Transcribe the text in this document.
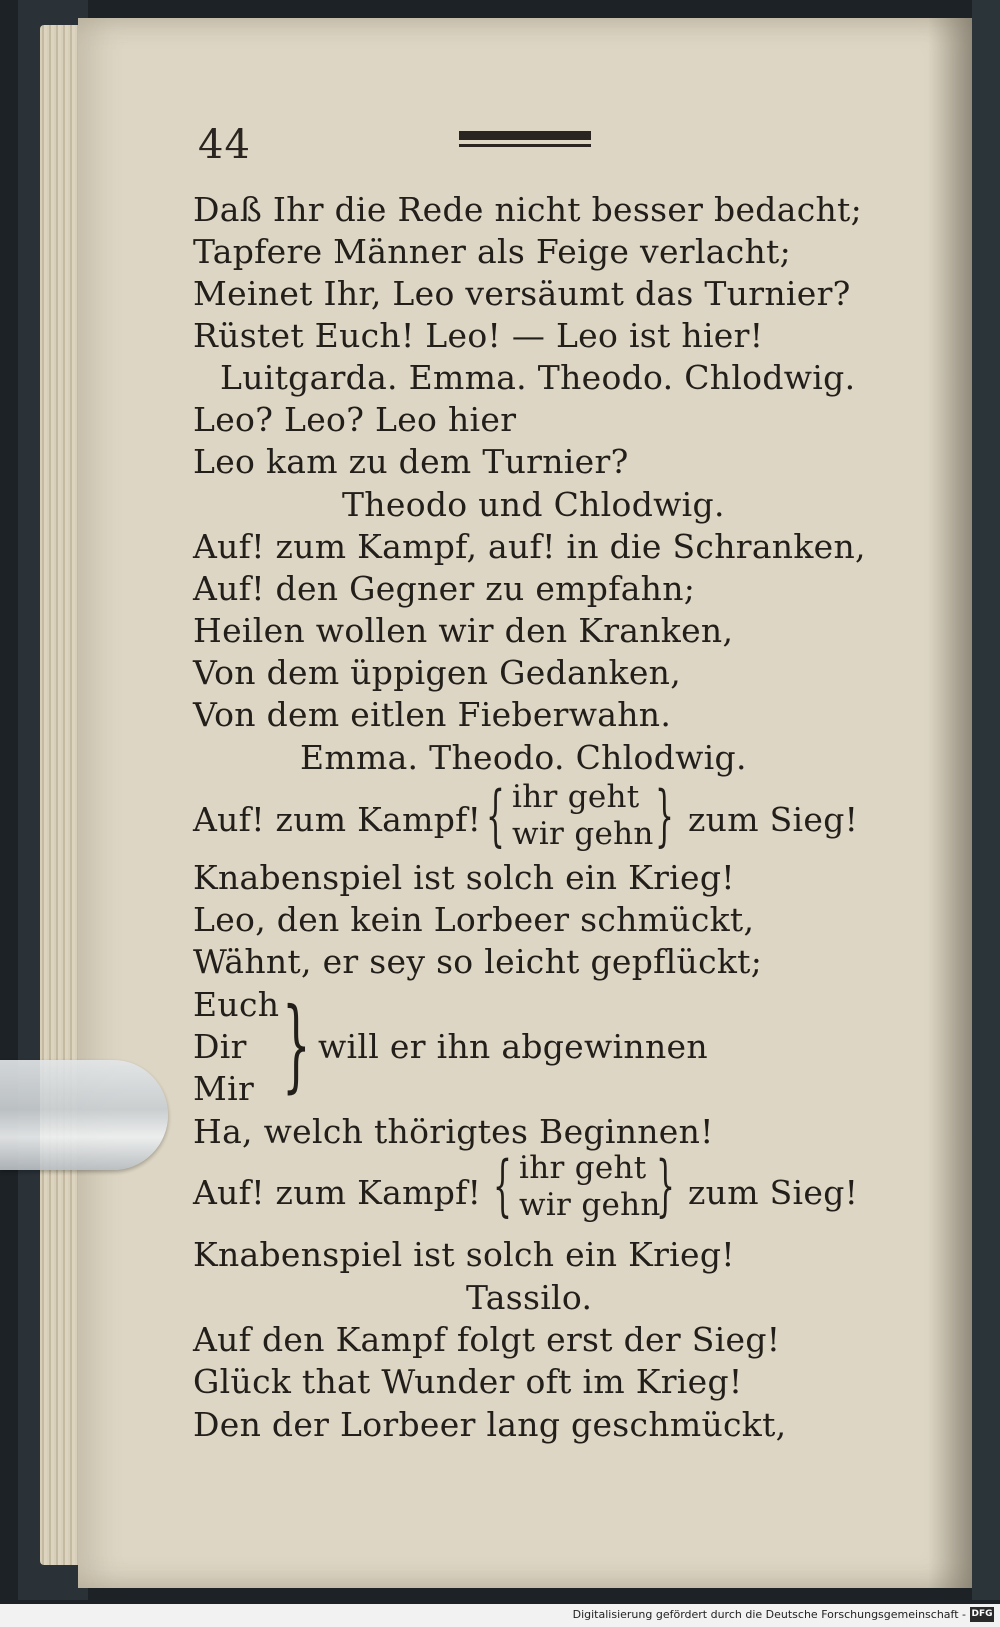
44
Daß Ihr die Rede nicht besser bedacht;
Tapfere Männer als Feige verlacht;
Meinet Ihr, Leo versäumt das Turnier?
Rüstet Euch! Leo! — Leo ist hier!
Luitgarda. Emma. Theodo. Chlodwig.
Leo? Leo? Leo hier
Leo kam zu dem Turnier?
Theodo und Chlodwig.
Auf! zum Kampf, auf! in die Schranken,
Auf! den Gegner zu empfahn;
Heilen wollen wir den Kranken,
Von dem üppigen Gedanken,
Von dem eitlen Fieberwahn.
Emma. Theodo. Chlodwig.
Auf! zum Kampf! { ihr geht
wir gehn } zum Sieg!
Knabenspiel ist solch ein Krieg!
Leo, den kein Lorbeer schmückt,
Wähnt, er sey so leicht gepflückt;
Euch
Dir
Mir } will er ihn abgewinnen
Ha, welch thörigtes Beginnen!
Auf! zum Kampf! { ihr geht
wir gehn
} zum Sieg!
Knabenspiel ist solch ein Krieg!
Tassilo.
Auf den Kampf folgt erst der Sieg!
Glück that Wunder oft im Krieg!
Den der Lorbeer lang geschmückt,
Digitalisierung gefördert durch die Deutsche Forschungsgemeinschaft - DFG
